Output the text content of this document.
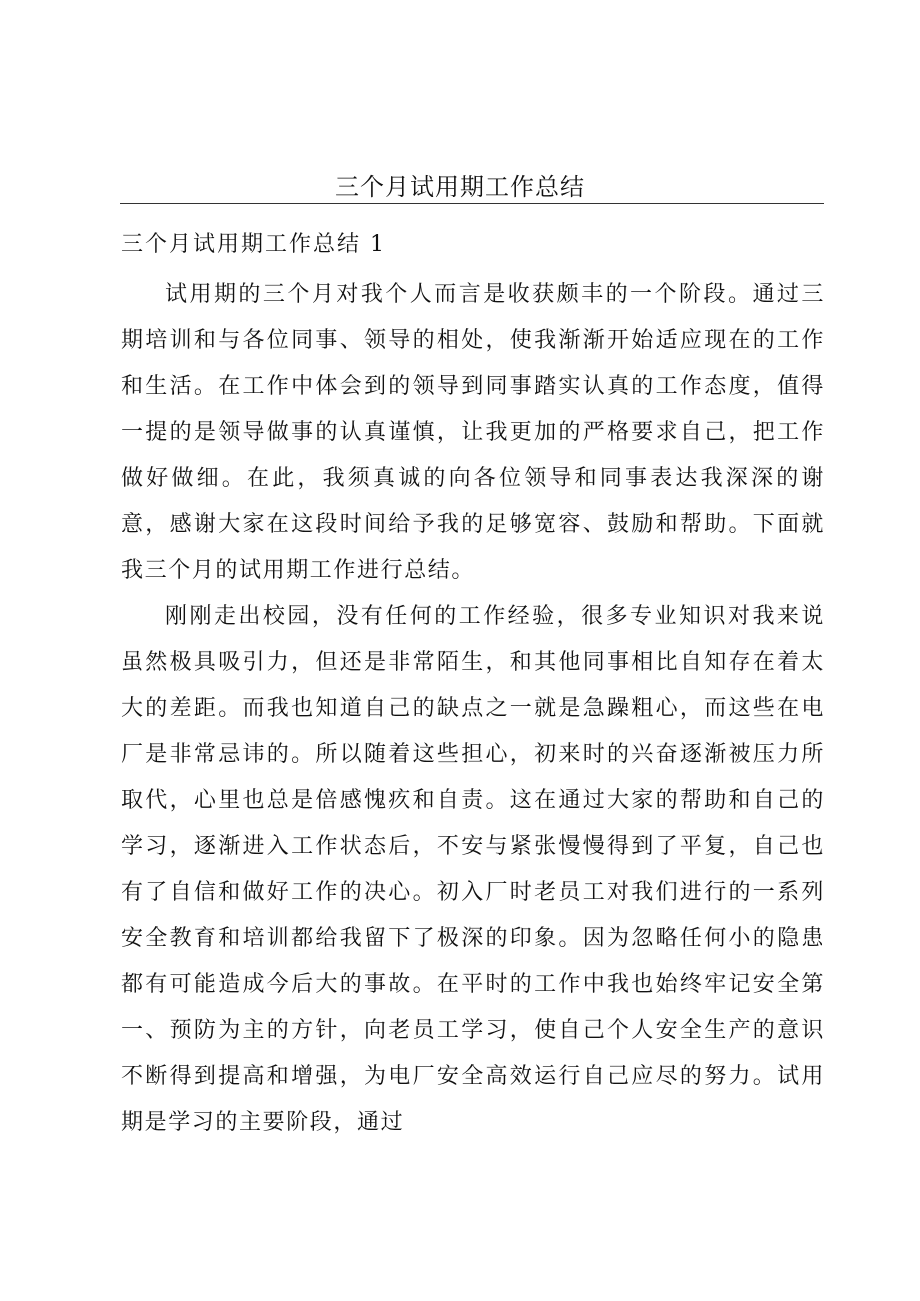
三个月试用期工作总结
三个月试用期工作总结 1

试用期的三个月对我个人而言是收获颇丰的一个阶段。通过三期培训和与各位同事、领导的相处，使我渐渐开始适应现在的工作和生活。在工作中体会到的领导到同事踏实认真的工作态度，值得一提的是领导做事的认真谨慎，让我更加的严格要求自己，把工作做好做细。在此，我须真诚的向各位领导和同事表达我深深的谢意，感谢大家在这段时间给予我的足够宽容、鼓励和帮助。下面就我三个月的试用期工作进行总结。

刚刚走出校园，没有任何的工作经验，很多专业知识对我来说虽然极具吸引力，但还是非常陌生，和其他同事相比自知存在着太大的差距。而我也知道自己的缺点之一就是急躁粗心，而这些在电厂是非常忌讳的。所以随着这些担心，初来时的兴奋逐渐被压力所取代，心里也总是倍感愧疚和自责。这在通过大家的帮助和自己的学习，逐渐进入工作状态后，不安与紧张慢慢得到了平复，自己也有了自信和做好工作的决心。初入厂时老员工对我们进行的一系列安全教育和培训都给我留下了极深的印象。因为忽略任何小的隐患都有可能造成今后大的事故。在平时的工作中我也始终牢记安全第一、预防为主的方针，向老员工学习，使自己个人安全生产的意识不断得到提高和增强，为电厂安全高效运行自己应尽的努力。试用期是学习的主要阶段，通过
